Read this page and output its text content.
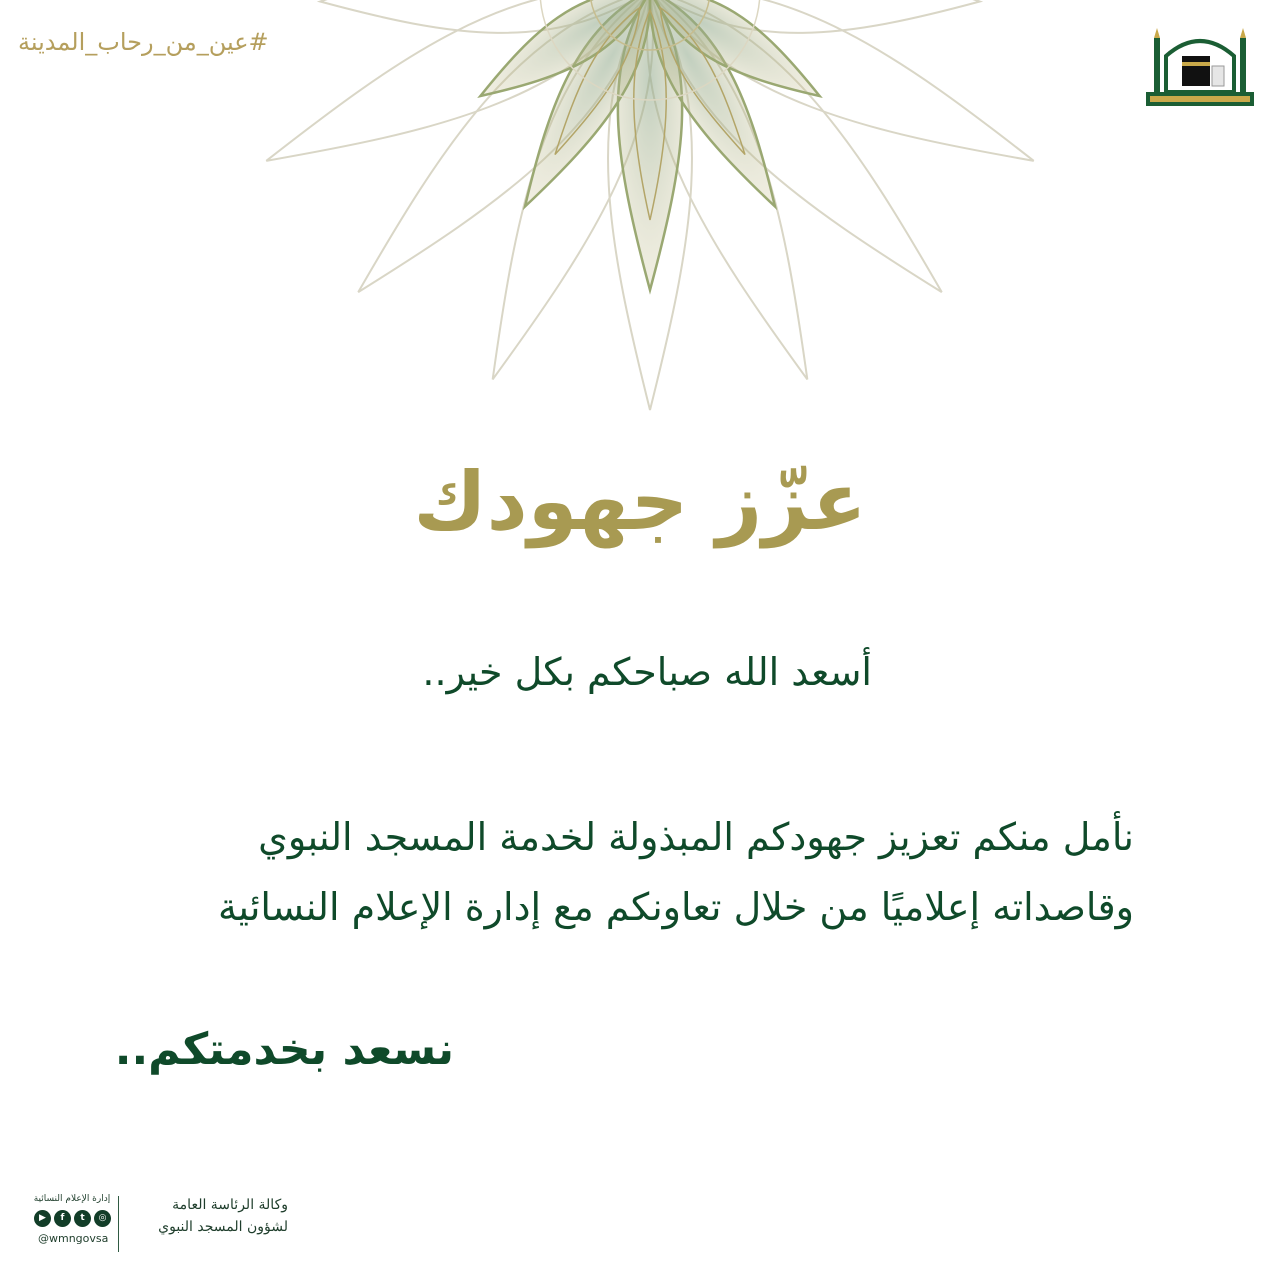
#عين_من_رحاب_المدينة
عزّز جهودك
أسعد الله صباحكم بكل خير..
نأمل منكم تعزيز جهودكم المبذولة لخدمة المسجد النبوي
وقاصداته إعلاميًا من خلال تعاونكم مع إدارة الإعلام النسائية
نسعد بخدمتكم..
إدارة الإعلام النسائية
▶	f	t	◎
@wmngovsa
وكالة الرئاسة العامة
لشؤون المسجد النبوي
